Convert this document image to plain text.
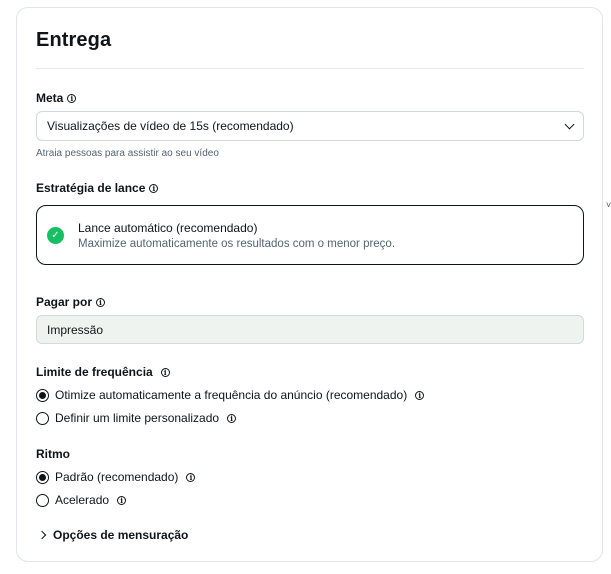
Entrega
Meta	i
Visualizações de vídeo de 15s (recomendado)
Atraia pessoas para assistir ao seu vídeo
Estratégia de lance	i
✓
Lance automático (recomendado)
Maximize automaticamente os resultados com o menor preço.
Pagar por	i
Impressão
Limite de frequência	i
Otimize automaticamente a frequência do anúncio (recomendado)	i
Definir um limite personalizado	i
Ritmo
Padrão (recomendado)	i
Acelerado	i
Opções de mensuração
˅
